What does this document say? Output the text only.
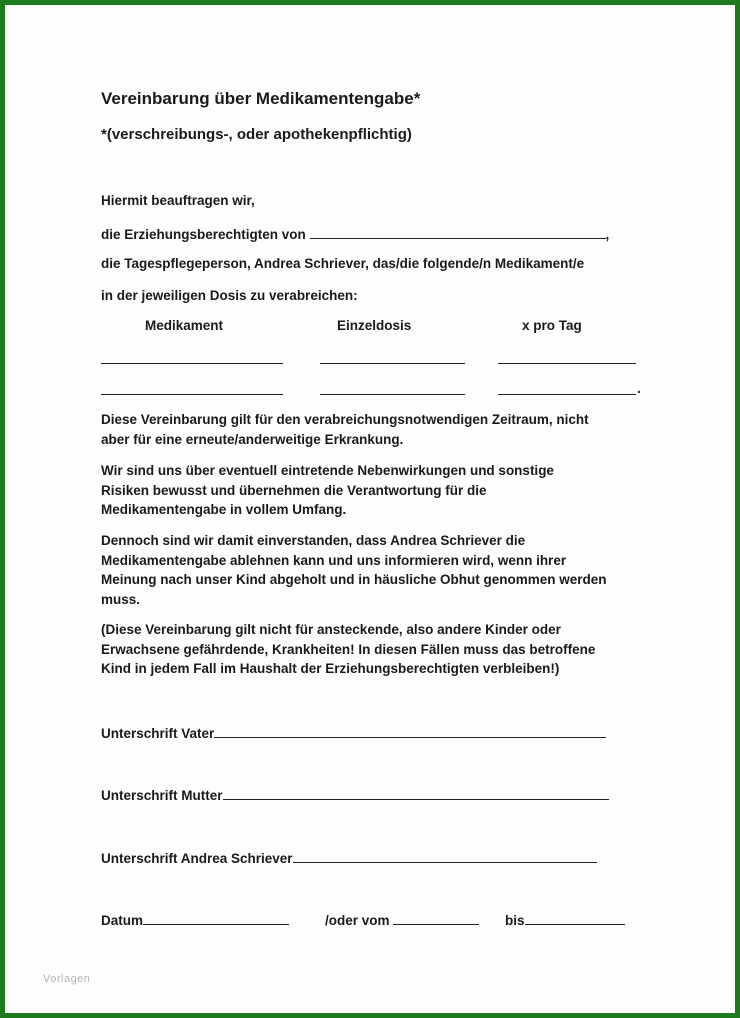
Vereinbarung über Medikamentengabe*
*(verschreibungs-, oder apothekenpflichtig)
Hiermit beauftragen wir,
die Erziehungsberechtigten von	,
die Tagespflegeperson, Andrea Schriever, das/die folgende/n Medikament/e
in der jeweiligen Dosis zu verabreichen:
Medikament	Einzeldosis	x pro Tag
.
Diese Vereinbarung gilt für den verabreichungsnotwendigen Zeitraum, nicht
aber für eine erneute/anderweitige Erkrankung.
Wir sind uns über eventuell eintretende Nebenwirkungen und sonstige
Risiken bewusst und übernehmen die Verantwortung für die
Medikamentengabe in vollem Umfang.
Dennoch sind wir damit einverstanden, dass Andrea Schriever die
Medikamentengabe ablehnen kann und uns informieren wird, wenn ihrer
Meinung nach unser Kind abgeholt und in häusliche Obhut genommen werden
muss.
(Diese Vereinbarung gilt nicht für ansteckende, also andere Kinder oder
Erwachsene gefährdende, Krankheiten! In diesen Fällen muss das betroffene
Kind in jedem Fall im Haushalt der Erziehungsberechtigten verbleiben!)
Unterschrift Vater
Unterschrift Mutter
Unterschrift Andrea Schriever
Datum	/oder vom	bis
Vorlagen
